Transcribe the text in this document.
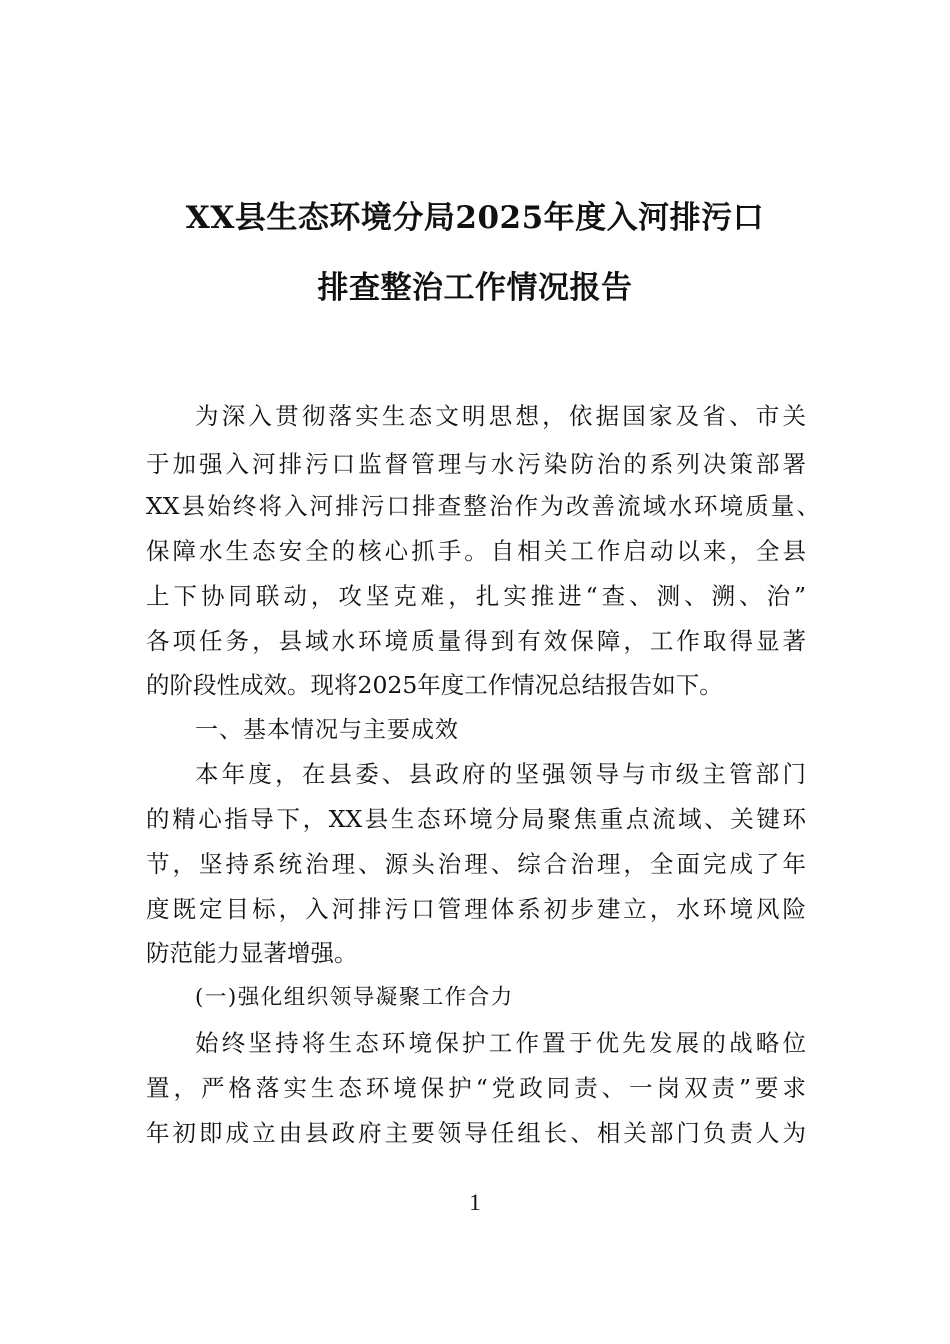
XX县生态环境分局2025年度入河排污口
排查整治工作情况报告
为深入贯彻落实生态文明思想，依据国家及省、市关
于加强入河排污口监督管理与水污染防治的系列决策部署
XX县始终将入河排污口排查整治作为改善流域水环境质量、
保障水生态安全的核心抓手。自相关工作启动以来，全县
上下协同联动，攻坚克难，扎实推进“查、测、溯、治”
各项任务，县域水环境质量得到有效保障，工作取得显著
的阶段性成效。现将2025年度工作情况总结报告如下。
一、基本情况与主要成效
本年度，在县委、县政府的坚强领导与市级主管部门
的精心指导下，XX县生态环境分局聚焦重点流域、关键环
节，坚持系统治理、源头治理、综合治理，全面完成了年
度既定目标，入河排污口管理体系初步建立，水环境风险
防范能力显著增强。
(一)强化组织领导凝聚工作合力
始终坚持将生态环境保护工作置于优先发展的战略位
置，严格落实生态环境保护“党政同责、一岗双责”要求
年初即成立由县政府主要领导任组长、相关部门负责人为
1
